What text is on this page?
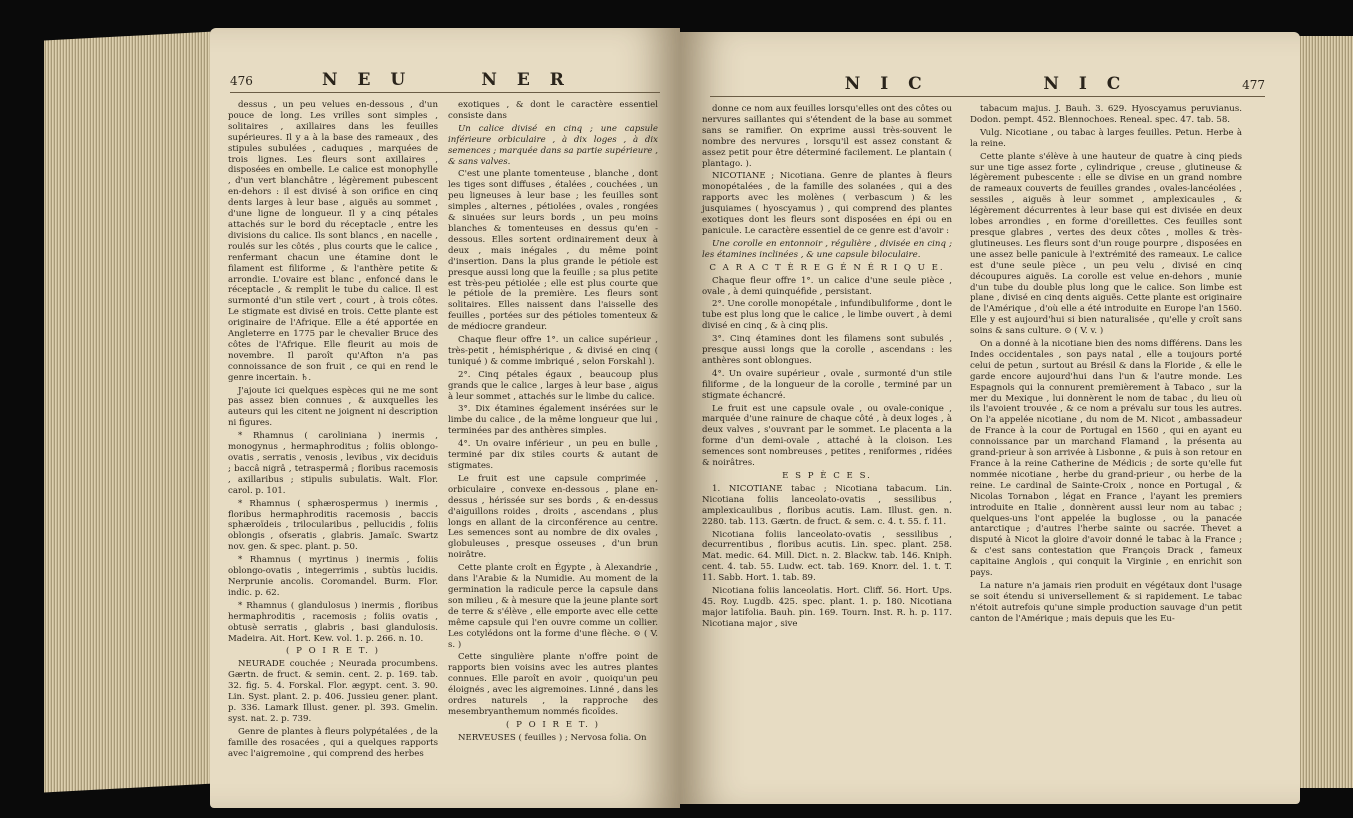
476	N E U	N E R

dessus , un peu velues en-dessous , d'un pouce de long. Les vrilles sont simples , solitaires , axillaires dans les feuilles supérieures. Il y a à la base des rameaux , des stipules subulées , caduques , marquées de trois lignes. Les fleurs sont axillaires , disposées en ombelle. Le calice est monophylle , d'un vert blanchâtre , légèrement pubescent en-dehors : il est divisé à son orifice en cinq dents larges à leur base , aiguës au sommet , d'une ligne de longueur. Il y a cinq pétales attachés sur le bord du réceptacle , entre les divisions du calice. Ils sont blancs , en nacelle , roulés sur les côtés , plus courts que le calice , renfermant chacun une étamine dont le filament est filiforme , & l'anthère petite & arrondie. L'ovaire est blanc , enfoncé dans le réceptacle , & remplit le tube du calice. Il est surmonté d'un stile vert , court , à trois côtes. Le stigmate est divisé en trois. Cette plante est originaire de l'Afrique. Elle a été apportée en Angleterre en 1775 par le chevalier Bruce des côtes de l'Afrique. Elle fleurit au mois de novembre. Il paroît qu'Afton n'a pas connoissance de son fruit , ce qui en rend le genre incertain. ♄.

J'ajoute ici quelques espèces qui ne me sont pas assez bien connues , & auxquelles les auteurs qui les citent ne joignent ni description ni figures.

* Rhamnus ( caroliniana ) inermis , monogynus , hermaphroditus ; foliis oblongo-ovatis , serratis , venosis , levibus , vix deciduis ; baccâ nigrâ , tetraspermâ ; floribus racemosis , axillaribus ; stipulis subulatis. Walt. Flor. carol. p. 101.

* Rhamnus ( sphærospermus ) inermis , floribus hermaphroditis racemosis , baccis sphæroïdeis , trilocularibus , pellucidis , foliis oblongis , ofseratis , glabris. Jamaïc. Swartz nov. gen. & spec. plant. p. 50.

* Rhamnus ( myrtinus ) inermis , foliis oblongo-ovatis , integerrimis , subtùs lucidis. Nerprunie ancolis. Coromandel. Burm. Flor. indic. p. 62.

* Rhamnus ( glandulosus ) inermis , floribus hermaphroditis , racemosis ; foliis ovatis , obtusè serratis , glabris , basi glandulosis. Madeira. Ait. Hort. Kew. vol. 1. p. 266. n. 10.

( P O I R E T. )

NEURADE couchée ; Neurada procumbens. Gærtn. de fruct. & semin. cent. 2. p. 169. tab. 32. fig. 5. 4. Forskal. Flor. ægypt. cent. 3. 90. Lin. Syst. plant. 2. p. 406. Jussieu gener. plant. p. 336. Lamark Illust. gener. pl. 393. Gmelin. syst. nat. 2. p. 739.

Genre de plantes à fleurs polypétalées , de la famille des rosacées , qui a quelques rapports avec l'aigremoine , qui comprend des herbes

exotiques , & dont le caractère essentiel consiste dans

Un calice divisé en cinq ; une capsule inférieure orbiculaire , à dix loges , à dix semences ; marquée dans sa partie supérieure , & sans valves.

C'est une plante tomenteuse , blanche , dont les tiges sont diffuses , étalées , couchées , un peu ligneuses à leur base ; les feuilles sont simples , alternes , pétiolées , ovales , rongées & sinuées sur leurs bords , un peu moins blanches & tomenteuses en dessus qu'en - dessous. Elles sortent ordinairement deux à deux , mais inégales , du même point d'insertion. Dans la plus grande le pétiole est presque aussi long que la feuille ; sa plus petite est très-peu pétiolée ; elle est plus courte que le pétiole de la première. Les fleurs sont solitaires. Elles naissent dans l'aisselle des feuilles , portées sur des pétioles tomenteux & de médiocre grandeur.

Chaque fleur offre 1°. un calice supérieur , très-petit , hémisphérique , & divisé en cinq ( tuniqué ) & comme imbriqué , selon Forskahl ).

2°. Cinq pétales égaux , beaucoup plus grands que le calice , larges à leur base , aigus à leur sommet , attachés sur le limbe du calice.

3°. Dix étamines également insérées sur le limbe du calice , de la même longueur que lui , terminées par des anthères simples.

4°. Un ovaire inférieur , un peu en bulle , terminé par dix stiles courts & autant de stigmates.

Le fruit est une capsule comprimée , orbiculaire , convexe en-dessous , plane en-dessus , hérissée sur ses bords , & en-dessus d'aiguillons roides , droits , ascendans , plus longs en allant de la circonférence au centre. Les semences sont au nombre de dix ovales , globuleuses , presque osseuses , d'un brun noirâtre.

Cette plante croît en Égypte , à Alexandrie , dans l'Arabie & la Numidie. Au moment de la germination la radicule perce la capsule dans son milieu , & à mesure que la jeune plante sort de terre & s'élève , elle emporte avec elle cette même capsule qui l'en ouvre comme un collier. Les cotylédons ont la forme d'une flèche. ⊙ ( V. s. )

Cette singulière plante n'offre point de rapports bien voisins avec les autres plantes connues. Elle paroît en avoir , quoiqu'un peu éloignés , avec les aigremoines. Linné , dans les ordres naturels , la rapproche des mesembryanthemum nommés ficoïdes.

( P O I R E T. )

NERVEUSES ( feuilles ) ; Nervosa folia. On

N I C	N I C	477

donne ce nom aux feuilles lorsqu'elles ont des côtes ou nervures saillantes qui s'étendent de la base au sommet sans se ramifier. On exprime aussi très-souvent le nombre des nervures , lorsqu'il est assez constant & assez petit pour être déterminé facilement. Le plantain ( plantago. ).

NICOTIANE ; Nicotiana. Genre de plantes à fleurs monopétalées , de la famille des solanées , qui a des rapports avec les molènes ( verbascum ) & les jusquiames ( hyoscyamus ) , qui comprend des plantes exotiques dont les fleurs sont disposées en épi ou en panicule. Le caractère essentiel de ce genre est d'avoir :

Une corolle en entonnoir , régulière , divisée en cinq ; les étamines inclinées , & une capsule biloculaire.

C A R A C T È R E G É N É R I Q U E.

Chaque fleur offre 1°. un calice d'une seule pièce , ovale , à demi quinquéfide , persistant.

2°. Une corolle monopétale , infundibuliforme , dont le tube est plus long que le calice , le limbe ouvert , à demi divisé en cinq , & à cinq plis.

3°. Cinq étamines dont les filamens sont subulés , presque aussi longs que la corolle , ascendans : les anthères sont oblongues.

4°. Un ovaire supérieur , ovale , surmonté d'un stile filiforme , de la longueur de la corolle , terminé par un stigmate échancré.

Le fruit est une capsule ovale , ou ovale-conique , marquée d'une rainure de chaque côté , à deux loges , à deux valves , s'ouvrant par le sommet. Le placenta a la forme d'un demi-ovale , attaché à la cloison. Les semences sont nombreuses , petites , reniformes , ridées & noirâtres.

E S P È C E S.

1. NICOTIANE tabac ; Nicotiana tabacum. Lin. Nicotiana foliis lanceolato-ovatis , sessilibus , amplexicaulibus , floribus acutis. Lam. Illust. gen. n. 2280. tab. 113. Gærtn. de fruct. & sem. c. 4. t. 55. f. 11.

Nicotiana foliis lanceolato-ovatis , sessilibus , decurrentibus , floribus acutis. Lin. spec. plant. 258. Mat. medic. 64. Mill. Dict. n. 2. Blackw. tab. 146. Kniph. cent. 4. tab. 55. Ludw. ect. tab. 169. Knorr. del. 1. t. T. 11. Sabb. Hort. 1. tab. 89.

Nicotiana foliis lanceolatis. Hort. Cliff. 56. Hort. Ups. 45. Roy. Lugdb. 425. spec. plant. 1. p. 180. Nicotiana major latifolia. Bauh. pin. 169. Tourn. Inst. R. h. p. 117. Nicotiana major , sive

tabacum majus. J. Bauh. 3. 629. Hyoscyamus peruvianus. Dodon. pempt. 452. Blennochoes. Reneal. spec. 47. tab. 58.

Vulg. Nicotiane , ou tabac à larges feuilles. Petun. Herbe à la reine.

Cette plante s'élève à une hauteur de quatre à cinq pieds sur une tige assez forte , cylindrique , creuse , glutineuse & légèrement pubescente : elle se divise en un grand nombre de rameaux couverts de feuilles grandes , ovales-lancéolées , sessiles , aiguës à leur sommet , amplexicaules , & légèrement décurrentes à leur base qui est divisée en deux lobes arrondies , en forme d'oreillettes. Ces feuilles sont presque glabres , vertes des deux côtes , molles & très-glutineuses. Les fleurs sont d'un rouge pourpre , disposées en une assez belle panicule à l'extrémité des rameaux. Le calice est d'une seule pièce , un peu velu , divisé en cinq découpures aiguës. La corolle est velue en-dehors , munie d'un tube du double plus long que le calice. Son limbe est plane , divisé en cinq dents aiguës. Cette plante est originaire de l'Amérique , d'où elle a été introduite en Europe l'an 1560. Elle y est aujourd'hui si bien naturalisée , qu'elle y croît sans soins & sans culture. ⊙ ( V. v. )

On a donné à la nicotiane bien des noms différens. Dans les Indes occidentales , son pays natal , elle a toujours porté celui de petun , surtout au Brésil & dans la Floride , & elle le garde encore aujourd'hui dans l'un & l'autre monde. Les Espagnols qui la connurent premièrement à Tabaco , sur la mer du Mexique , lui donnèrent le nom de tabac , du lieu où ils l'avoient trouvée , & ce nom a prévalu sur tous les autres. On l'a appelée nicotiane , du nom de M. Nicot , ambassadeur de France à la cour de Portugal en 1560 , qui en ayant eu connoissance par un marchand Flamand , la présenta au grand-prieur à son arrivée à Lisbonne , & puis à son retour en France à la reine Catherine de Médicis ; de sorte qu'elle fut nommée nicotiane , herbe du grand-prieur , ou herbe de la reine. Le cardinal de Sainte-Croix , nonce en Portugal , & Nicolas Tornabon , légat en France , l'ayant les premiers introduite en Italie , donnèrent aussi leur nom au tabac ; quelques-uns l'ont appelée la buglosse , ou la panacée antarctique ; d'autres l'herbe sainte ou sacrée. Thevet a disputé à Nicot la gloire d'avoir donné le tabac à la France ; & c'est sans contestation que François Drack , fameux capitaine Anglois , qui conquit la Virginie , en enrichit son pays.

La nature n'a jamais rien produit en végétaux dont l'usage se soit étendu si universellement & si rapidement. Le tabac n'étoit autrefois qu'une simple production sauvage d'un petit canton de l'Amérique ; mais depuis que les Eu-
